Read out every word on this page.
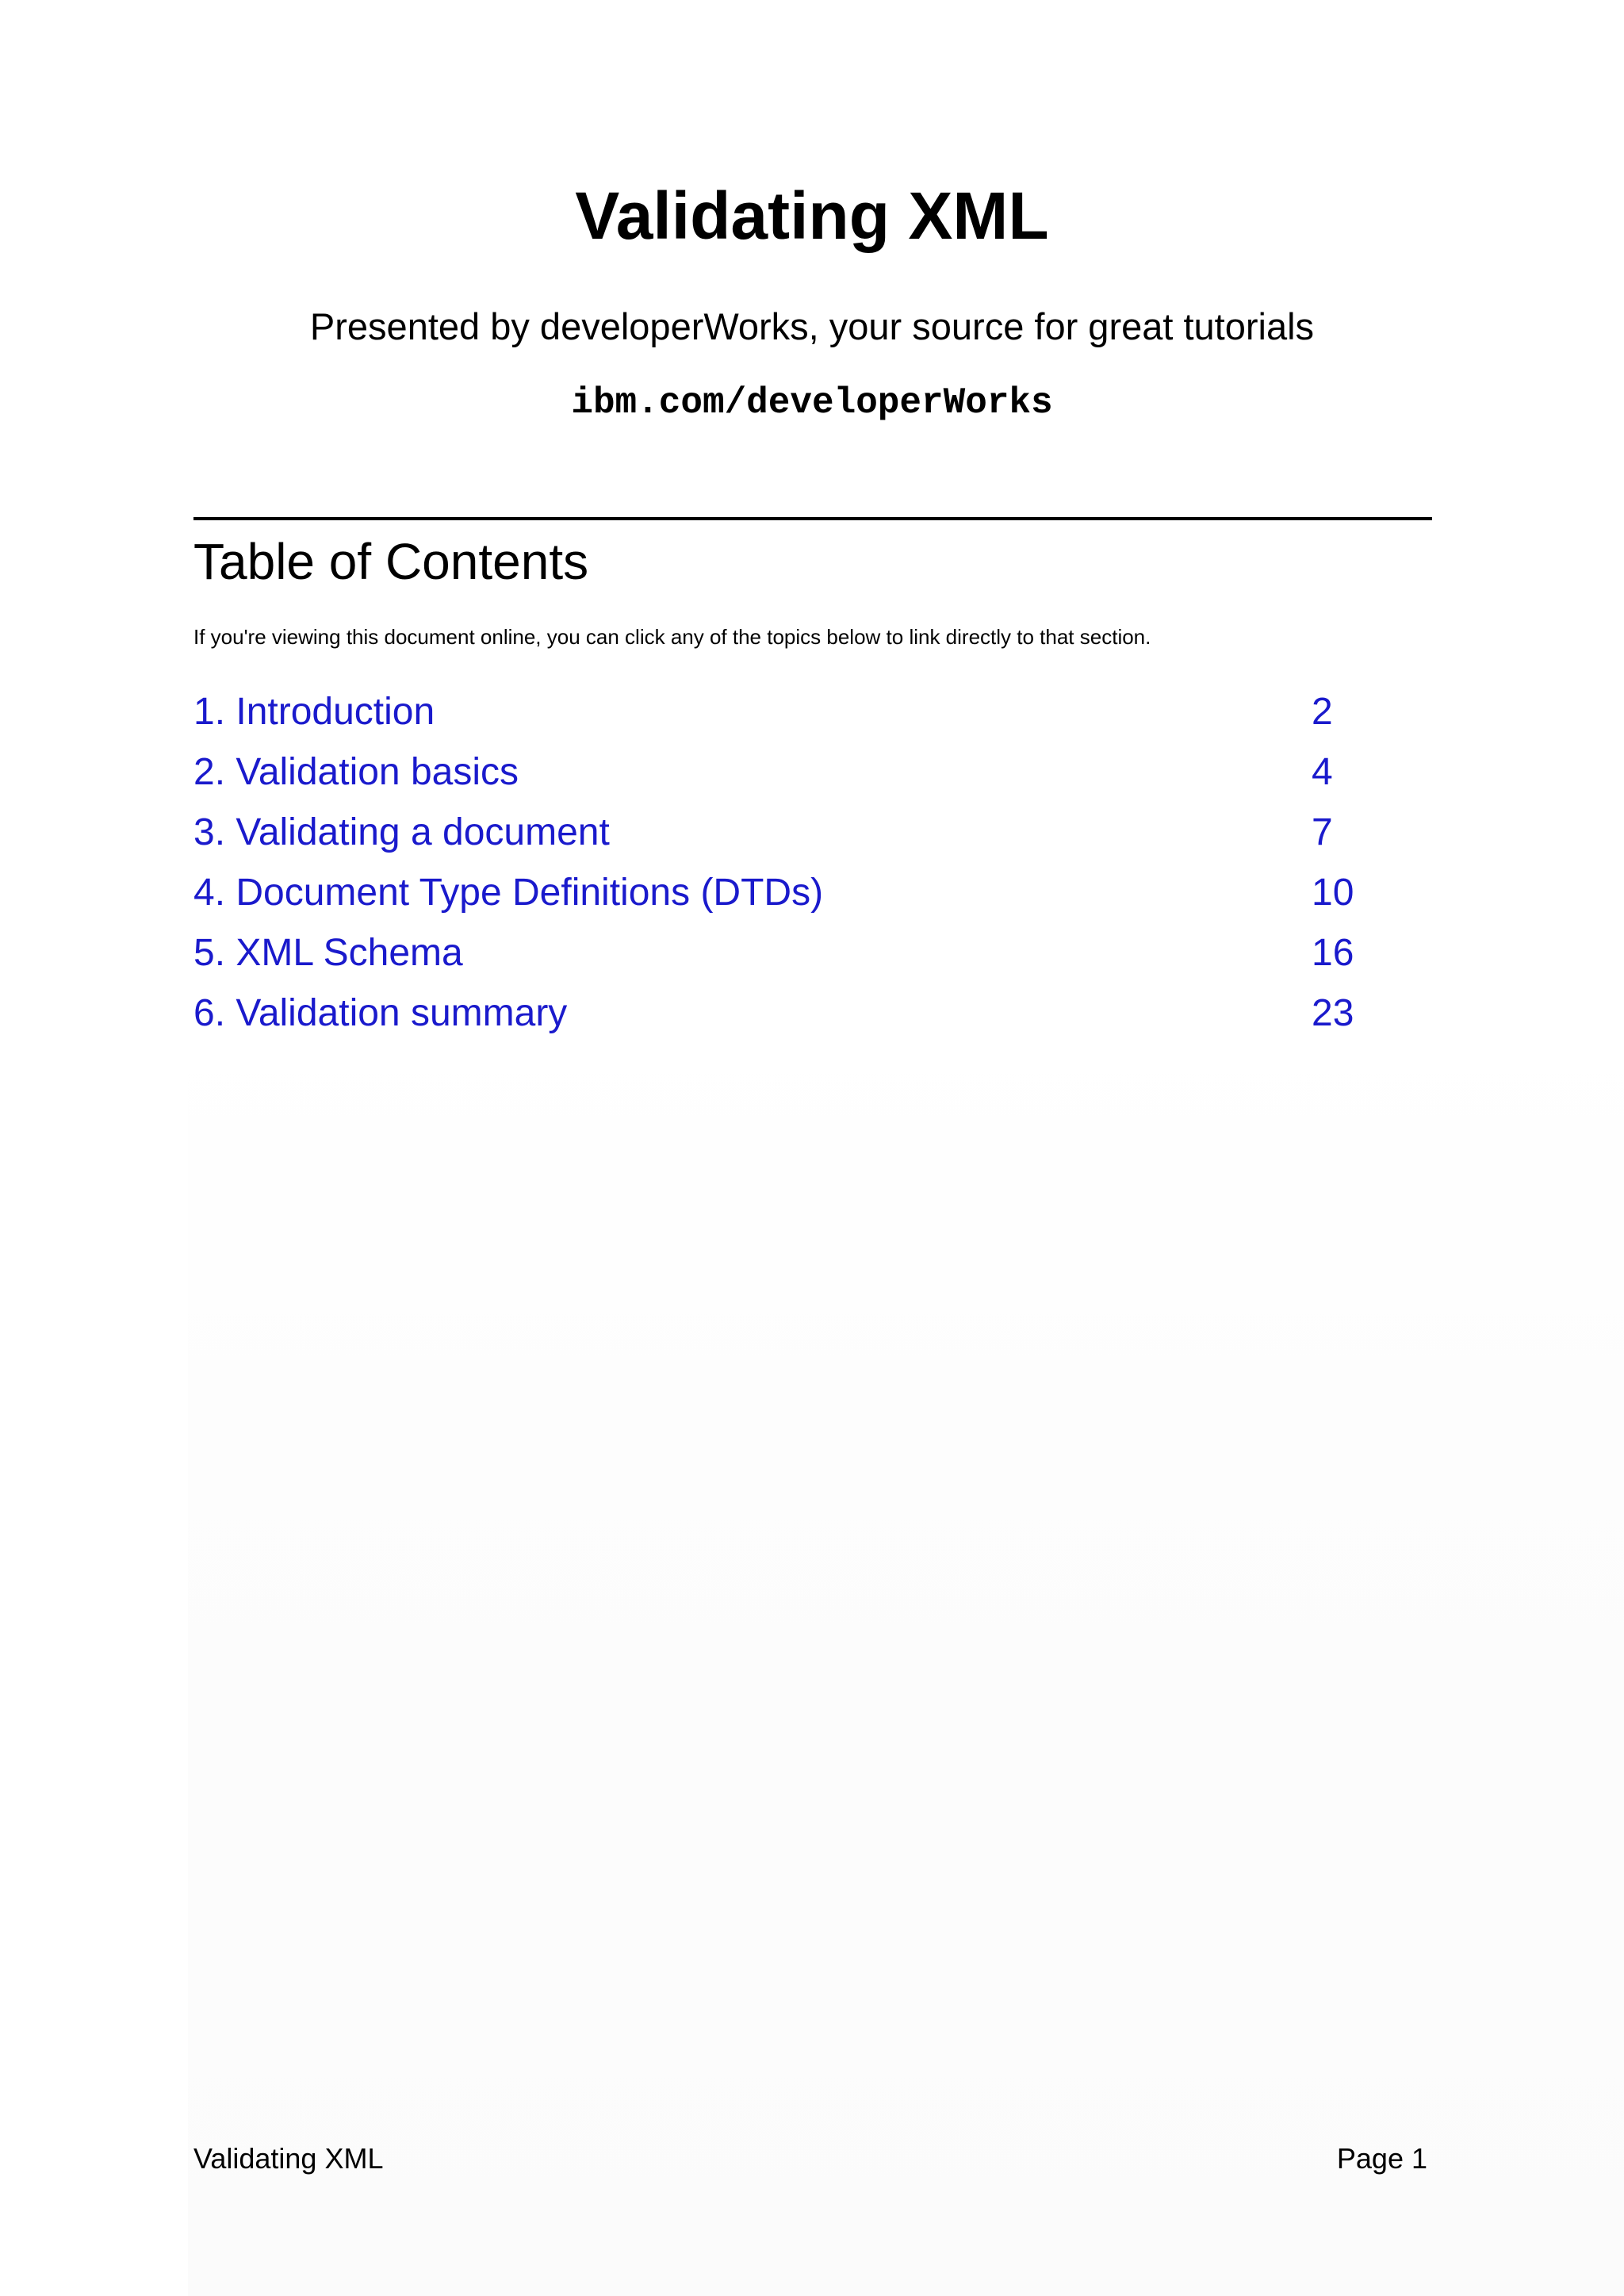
Validating XML
Presented by developerWorks, your source for great tutorials
ibm.com/developerWorks
Table of Contents
If you're viewing this document online, you can click any of the topics below to link directly to that section.
1. Introduction	2
2. Validation basics	4
3. Validating a document	7
4. Document Type Definitions (DTDs)	10
5. XML Schema	16
6. Validation summary	23
Validating XML	Page 1
